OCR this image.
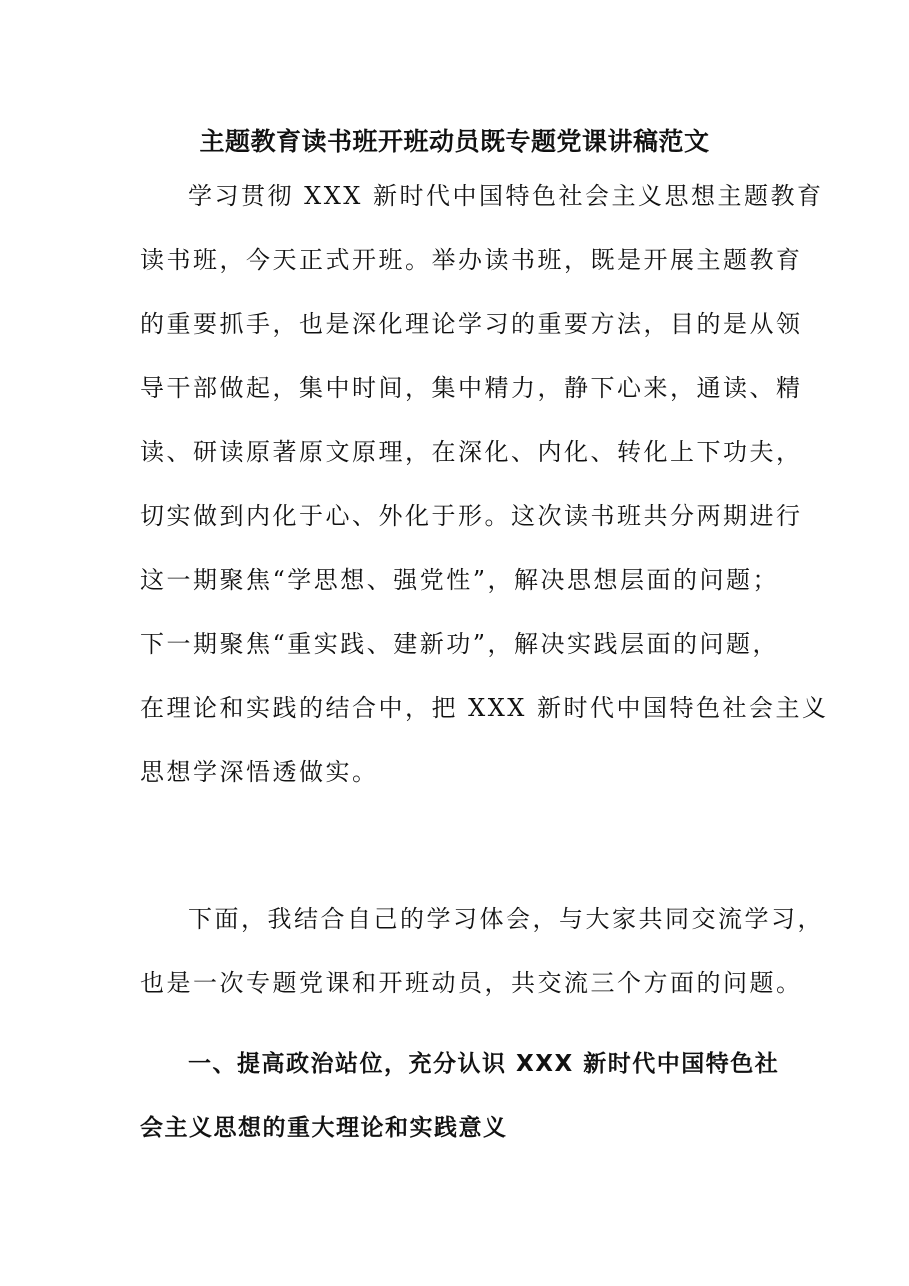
主题教育读书班开班动员既专题党课讲稿范文
学习贯彻 XXX 新时代中国特色社会主义思想主题教育
读书班，今天正式开班。举办读书班，既是开展主题教育
的重要抓手，也是深化理论学习的重要方法，目的是从领
导干部做起，集中时间，集中精力，静下心来，通读、精
读、研读原著原文原理，在深化、内化、转化上下功夫，
切实做到内化于心、外化于形。这次读书班共分两期进行
这一期聚焦“学思想、强党性”，解决思想层面的问题；
下一期聚焦“重实践、建新功”，解决实践层面的问题，
在理论和实践的结合中，把 XXX 新时代中国特色社会主义
思想学深悟透做实。
下面，我结合自己的学习体会，与大家共同交流学习，
也是一次专题党课和开班动员，共交流三个方面的问题。
一、提高政治站位，充分认识 XXX 新时代中国特色社
会主义思想的重大理论和实践意义
